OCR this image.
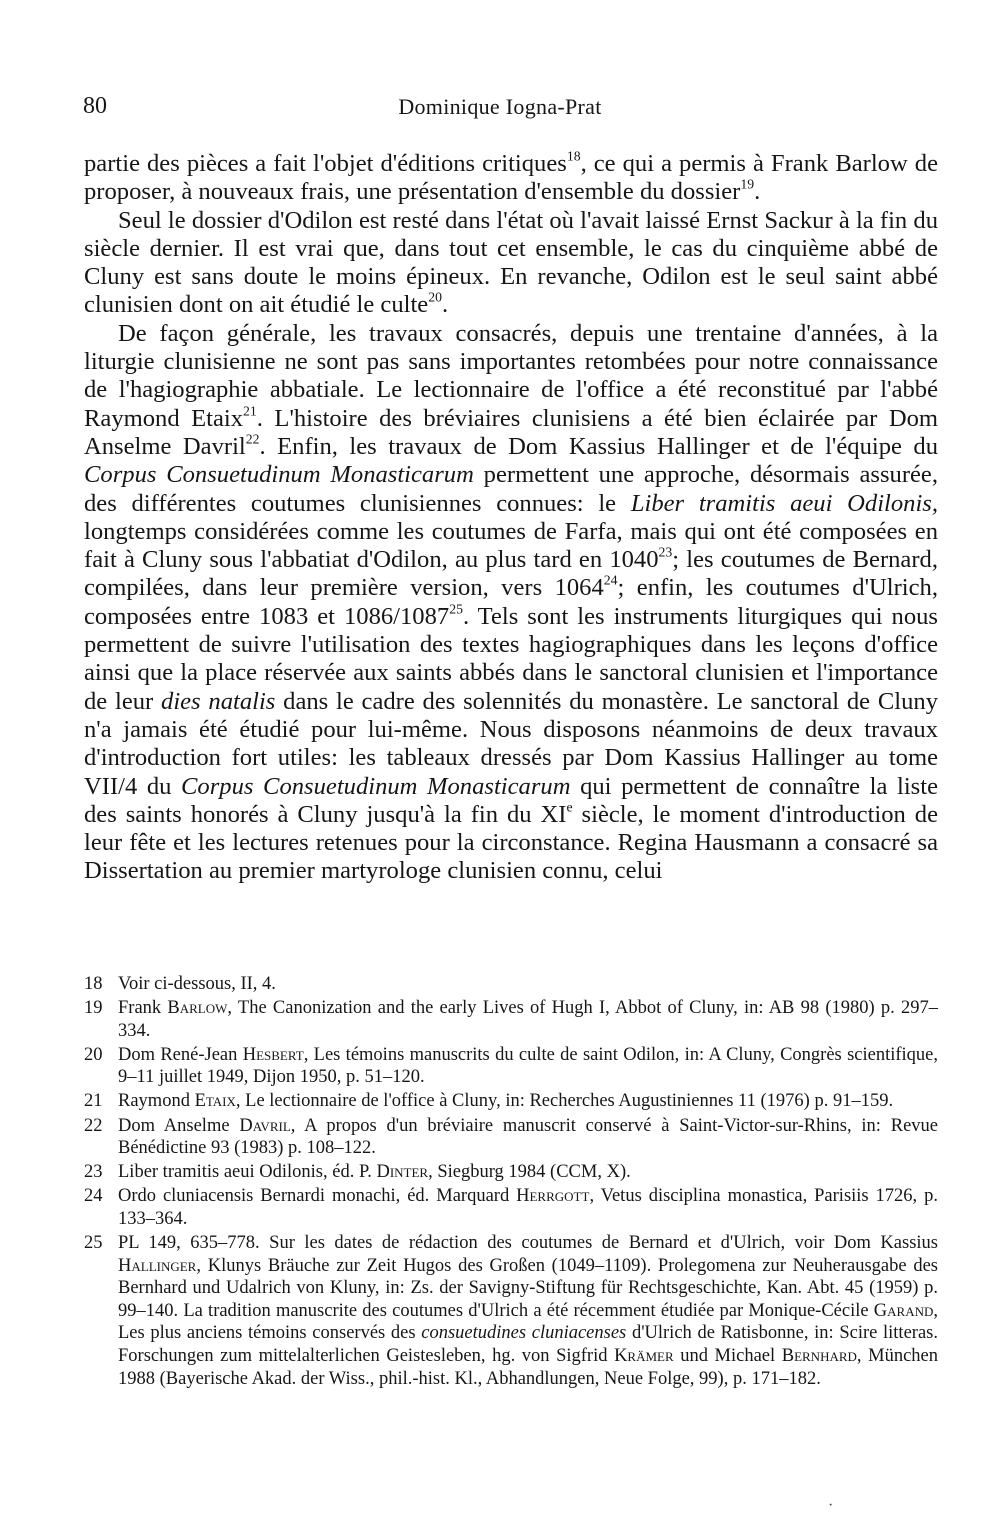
80	Dominique Iogna-Prat

partie des pièces a fait l'objet d'éditions critiques$^{18}$, ce qui a permis à Frank Barlow de proposer, à nouveaux frais, une présentation d'ensemble du dossier$^{19}$.

Seul le dossier d'Odilon est resté dans l'état où l'avait laissé Ernst Sackur à la fin du siècle dernier. Il est vrai que, dans tout cet ensemble, le cas du cinquième abbé de Cluny est sans doute le moins épineux. En revanche, Odilon est le seul saint abbé clunisien dont on ait étudié le culte$^{20}$.

De façon générale, les travaux consacrés, depuis une trentaine d'années, à la liturgie clunisienne ne sont pas sans importantes retombées pour notre connaissance de l'hagiographie abbatiale. Le lectionnaire de l'office a été reconstitué par l'abbé Raymond Etaix$^{21}$. L'histoire des bréviaires clunisiens a été bien éclairée par Dom Anselme Davril$^{22}$. Enfin, les travaux de Dom Kassius Hallinger et de l'équipe du Corpus Consuetudinum Monasticarum permettent une approche, désormais assurée, des différentes coutumes clunisiennes connues: le Liber tramitis aeui Odilonis, longtemps considérées comme les coutumes de Farfa, mais qui ont été composées en fait à Cluny sous l'abbatiat d'Odilon, au plus tard en 1040$^{23}$; les coutumes de Bernard, compilées, dans leur première version, vers 1064$^{24}$; enfin, les coutumes d'Ulrich, composées entre 1083 et 1086/1087$^{25}$. Tels sont les instruments liturgiques qui nous permettent de suivre l'utilisation des textes hagiographiques dans les leçons d'office ainsi que la place réservée aux saints abbés dans le sanctoral clunisien et l'importance de leur dies natalis dans le cadre des solennités du monastère. Le sanctoral de Cluny n'a jamais été étudié pour lui-même. Nous disposons néanmoins de deux travaux d'introduction fort utiles: les tableaux dressés par Dom Kassius Hallinger au tome VII/4 du Corpus Consuetudinum Monasticarum qui permettent de connaître la liste des saints honorés à Cluny jusqu'à la fin du XIe siècle, le moment d'introduction de leur fête et les lectures retenues pour la circonstance. Regina Hausmann a consacré sa Dissertation au premier martyrologe clunisien connu, celui

18 Voir ci-dessous, II, 4.
19 Frank Barlow, The Canonization and the early Lives of Hugh I, Abbot of Cluny, in: AB 98 (1980) p. 297–334.
20 Dom René-Jean Hesbert, Les témoins manuscrits du culte de saint Odilon, in: A Cluny, Congrès scientifique, 9–11 juillet 1949, Dijon 1950, p. 51–120.
21 Raymond Etaix, Le lectionnaire de l'office à Cluny, in: Recherches Augustiniennes 11 (1976) p. 91–159.
22 Dom Anselme Davril, A propos d'un bréviaire manuscrit conservé à Saint-Victor-sur-Rhins, in: Revue Bénédictine 93 (1983) p. 108–122.
23 Liber tramitis aeui Odilonis, éd. P. Dinter, Siegburg 1984 (CCM, X).
24 Ordo cluniacensis Bernardi monachi, éd. Marquard Herrgott, Vetus disciplina monastica, Parisiis 1726, p. 133–364.
25 PL 149, 635–778. Sur les dates de rédaction des coutumes de Bernard et d'Ulrich, voir Dom Kassius Hallinger, Klunys Bräuche zur Zeit Hugos des Großen (1049–1109). Prolegomena zur Neuherausgabe des Bernhard und Udalrich von Kluny, in: Zs. der Savigny-Stiftung für Rechtsgeschichte, Kan. Abt. 45 (1959) p. 99–140. La tradition manuscrite des coutumes d'Ulrich a été récemment étudiée par Monique-Cécile Garand, Les plus anciens témoins conservés des consuetudines cluniacenses d'Ulrich de Ratisbonne, in: Scire litteras. Forschungen zum mittelalterlichen Geistesleben, hg. von Sigfrid Krämer und Michael Bernhard, München 1988 (Bayerische Akad. der Wiss., phil.-hist. Kl., Abhandlungen, Neue Folge, 99), p. 171–182.
·
